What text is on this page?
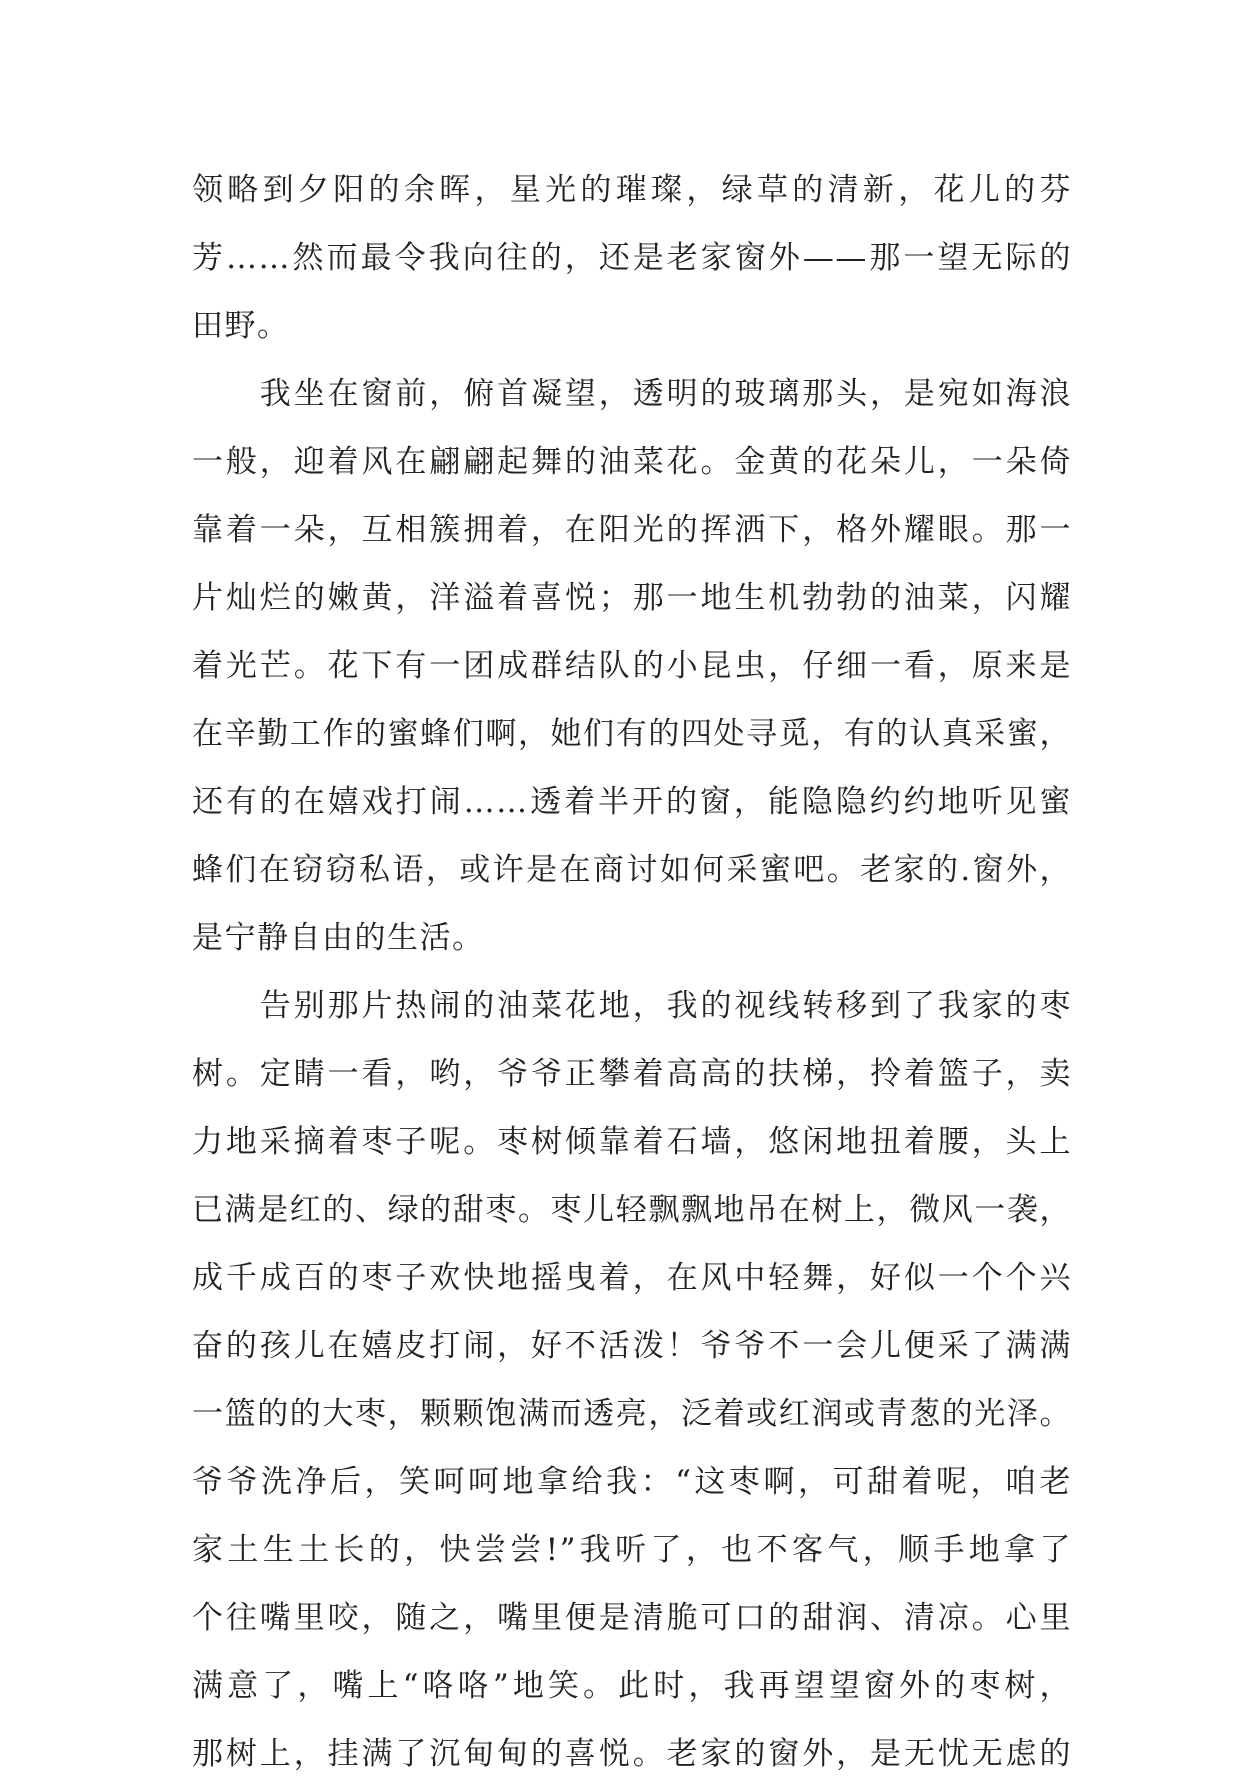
领略到夕阳的余晖，星光的璀璨，绿草的清新，花儿的芬
芳……然而最令我向往的，还是老家窗外——那一望无际的
田野。
　　我坐在窗前，俯首凝望，透明的玻璃那头，是宛如海浪
一般，迎着风在翩翩起舞的油菜花。金黄的花朵儿，一朵倚
靠着一朵，互相簇拥着，在阳光的挥洒下，格外耀眼。那一
片灿烂的嫩黄，洋溢着喜悦；那一地生机勃勃的油菜，闪耀
着光芒。花下有一团成群结队的小昆虫，仔细一看，原来是
在辛勤工作的蜜蜂们啊，她们有的四处寻觅，有的认真采蜜，
还有的在嬉戏打闹……透着半开的窗，能隐隐约约地听见蜜
蜂们在窃窃私语，或许是在商讨如何采蜜吧。老家的.窗外，
是宁静自由的生活。
　　告别那片热闹的油菜花地，我的视线转移到了我家的枣
树。定睛一看，哟，爷爷正攀着高高的扶梯，拎着篮子，卖
力地采摘着枣子呢。枣树倾靠着石墙，悠闲地扭着腰，头上
已满是红的、绿的甜枣。枣儿轻飘飘地吊在树上，微风一袭，
成千成百的枣子欢快地摇曳着，在风中轻舞，好似一个个兴
奋的孩儿在嬉皮打闹，好不活泼！爷爷不一会儿便采了满满
一篮的的大枣，颗颗饱满而透亮，泛着或红润或青葱的光泽。
爷爷洗净后，笑呵呵地拿给我：“这枣啊，可甜着呢，咱老
家土生土长的，快尝尝!”我听了，也不客气，顺手地拿了
个往嘴里咬，随之，嘴里便是清脆可口的甜润、清凉。心里
满意了，嘴上“咯咯”地笑。此时，我再望望窗外的枣树，
那树上，挂满了沉甸甸的喜悦。老家的窗外，是无忧无虑的
